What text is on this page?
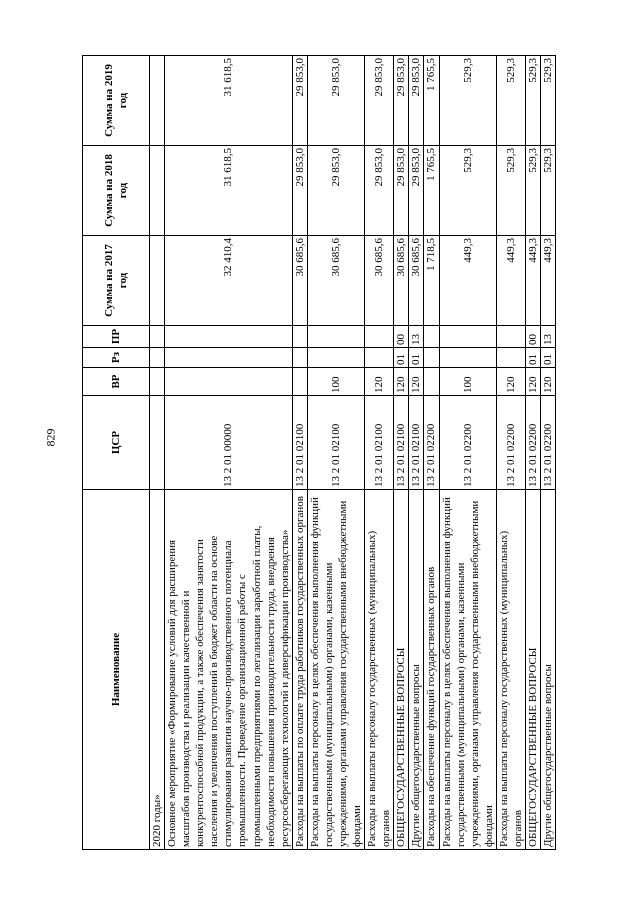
829
Наименование	ЦСР	ВР	Рз	ПР	Сумма на 2017 год	Сумма на 2018 год	Сумма на 2019 год
2020 годы»							
Основное мероприятие «Формирование условий для расширения масштабов производства и реализации качественной и конкурентоспособной продукции, а также обеспечения занятости населения и увеличения поступлений в бюджет области на основе стимулирования развития научно-производственного потенциала промышленности. Проведение организационной работы с промышленными предприятиями по легализации заработной платы, необходимости повышения производительности труда, внедрения ресурсосберегающих технологий и диверсификации производства»	13 2 01 00000				32 410,4	31 618,5	31 618,5
Расходы на выплаты по оплате труда работников государственных органов	13 2 01 02100				30 685,6	29 853,0	29 853,0
Расходы на выплаты персоналу в целях обеспечения выполнения функций государственными (муниципальными) органами, казенными учреждениями, органами управления государственными внебюджетными фондами	13 2 01 02100	100			30 685,6	29 853,0	29 853,0
Расходы на выплаты персоналу государственных (муниципальных) органов	13 2 01 02100	120			30 685,6	29 853,0	29 853,0
ОБЩЕГОСУДАРСТВЕННЫЕ ВОПРОСЫ	13 2 01 02100	120	01	00	30 685,6	29 853,0	29 853,0
Другие общегосударственные вопросы	13 2 01 02100	120	01	13	30 685,6	29 853,0	29 853,0
Расходы на обеспечение функций государственных органов	13 2 01 02200				1 718,5	1 765,5	1 765,5
Расходы на выплаты персоналу в целях обеспечения выполнения функций государственными (муниципальными) органами, казенными учреждениями, органами управления государственными внебюджетными фондами	13 2 01 02200	100			449,3	529,3	529,3
Расходы на выплаты персоналу государственных (муниципальных) органов	13 2 01 02200	120			449,3	529,3	529,3
ОБЩЕГОСУДАРСТВЕННЫЕ ВОПРОСЫ	13 2 01 02200	120	01	00	449,3	529,3	529,3
Другие общегосударственные вопросы	13 2 01 02200	120	01	13	449,3	529,3	529,3
